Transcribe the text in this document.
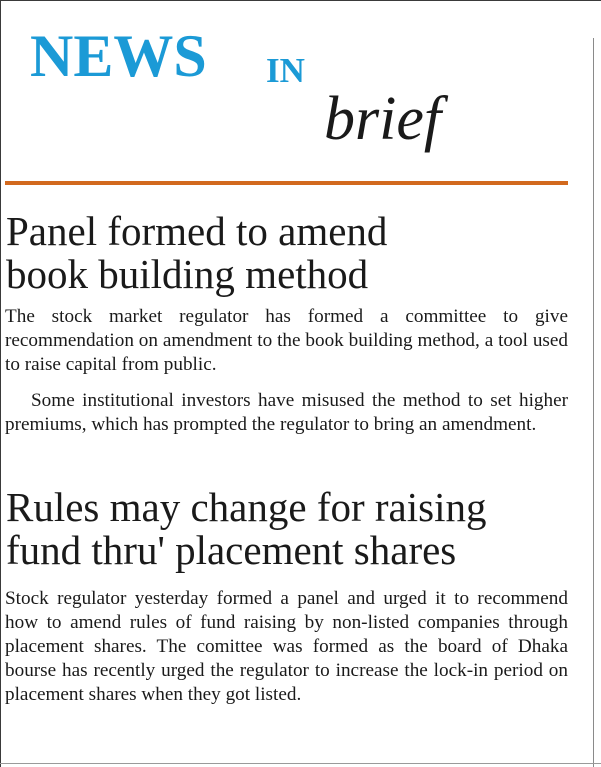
NEWS IN
brief
Panel formed to amend
book building method

The stock market regulator has formed a committee to give recommendation on amendment to the book building method, a tool used to raise capital from public.

Some institutional investors have misused the method to set higher premiums, which has prompted the regulator to bring an amendment.

Rules may change for raising
fund thru' placement shares

Stock regulator yesterday formed a panel and urged it to recommend how to amend rules of fund raising by non-listed companies through placement shares. The comittee was formed as the board of Dhaka bourse has recently urged the regulator to increase the lock-in period on placement shares when they got listed.
